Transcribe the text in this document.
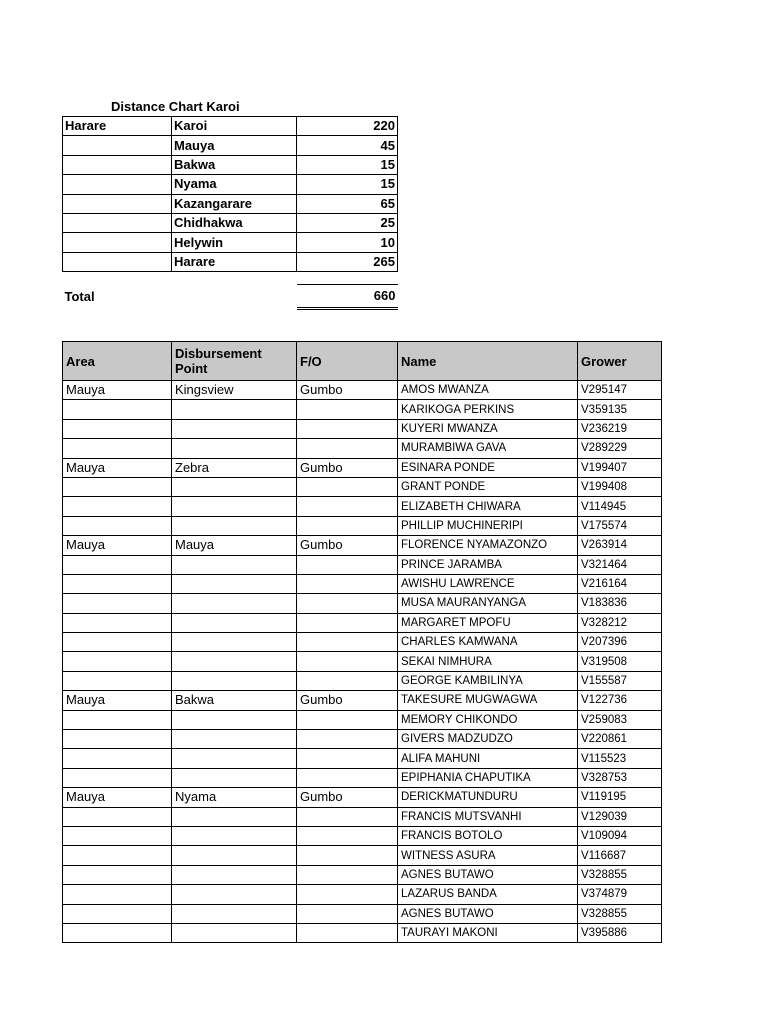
Distance Chart Karoi
Harare	Karoi	220
	Mauya	45
	Bakwa	15
	Nyama	15
	Kazangarare	65
	Chidhakwa	25
	Helywin	10
	Harare	265

Total		660
Area	Disbursement Point	F/O	Name	Grower
Mauya	Kingsview	Gumbo	AMOS MWANZA	V295147
			KARIKOGA PERKINS	V359135
			KUYERI MWANZA	V236219
			MURAMBIWA GAVA	V289229
Mauya	Zebra	Gumbo	ESINARA PONDE	V199407
			GRANT PONDE	V199408
			ELIZABETH CHIWARA	V114945
			PHILLIP MUCHINERIPI	V175574
Mauya	Mauya	Gumbo	FLORENCE NYAMAZONZO	V263914
			PRINCE JARAMBA	V321464
			AWISHU LAWRENCE	V216164
			MUSA MAURANYANGA	V183836
			MARGARET MPOFU	V328212
			CHARLES KAMWANA	V207396
			SEKAI NIMHURA	V319508
			GEORGE KAMBILINYA	V155587
Mauya	Bakwa	Gumbo	TAKESURE MUGWAGWA	V122736
			MEMORY CHIKONDO	V259083
			GIVERS MADZUDZO	V220861
			ALIFA MAHUNI	V115523
			EPIPHANIA CHAPUTIKA	V328753
Mauya	Nyama	Gumbo	DERICKMATUNDURU	V119195
			FRANCIS MUTSVANHI	V129039
			FRANCIS BOTOLO	V109094
			WITNESS ASURA	V116687
			AGNES BUTAWO	V328855
			LAZARUS BANDA	V374879
			AGNES BUTAWO	V328855
			TAURAYI MAKONI	V395886
